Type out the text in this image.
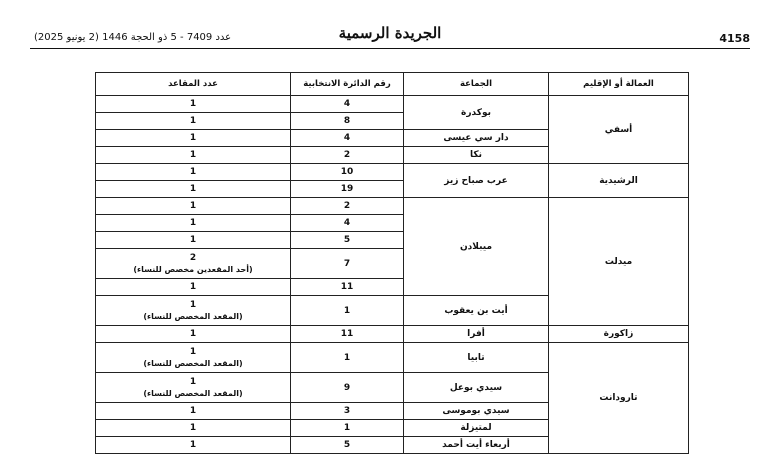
4158
الجريدة الرسمية
عدد 7409 - 5 ذو الحجة 1446 (2 يونيو 2025)
العمالة أو الإقليم	الجماعة	رقم الدائرة الانتخابية	عدد المقاعد
أسفي	بوكدرة	4	1
		8	1
	دار سي عيسى	4	1
	نكا	2	1
الرشيدية	عرب صباح زيز	10	1
		19	1
ميدلت	ميبلادن	2	1
		4	1
		5	1
		7	2
(أحد المقعدين مخصص للنساء)

		11	1
	أيت بن يعقوب	1	1
(المقعد المخصص للنساء)

زاكورة	أفرا	11	1
تارودانت	تابيا	1	1
(المقعد المخصص للنساء)

	سيدي بوعل	9	1
(المقعد المخصص للنساء)

	سيدي بوموسى	3	1
	لمتيزلة	1	1
	أربعاء أيت أحمد	5	1
